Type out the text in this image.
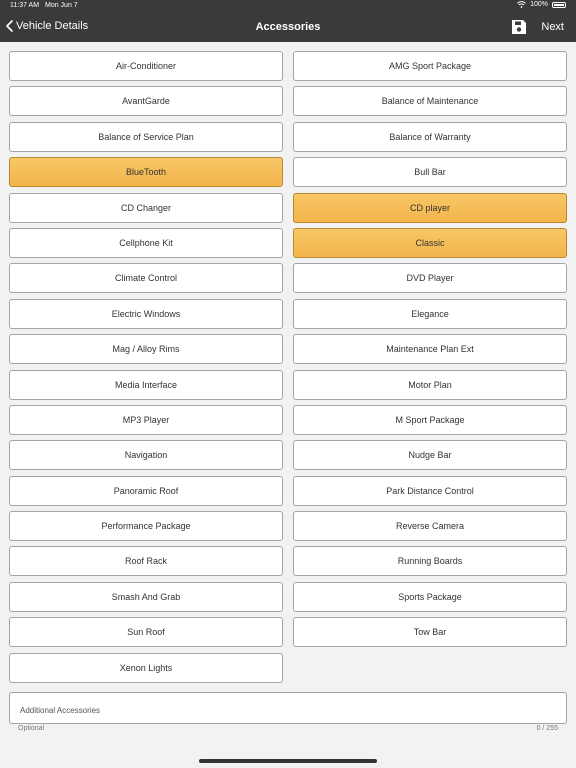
11:37 AM Mon Jun 7	100%
Vehicle Details	Accessories	Next
Air-Conditioner	AMG Sport Package
AvantGarde	Balance of Maintenance
Balance of Service Plan	Balance of Warranty
BlueTooth	Bull Bar
CD Changer	CD player
Cellphone Kit	Classic
Climate Control	DVD Player
Electric Windows	Elegance
Mag / Alloy Rims	Maintenance Plan Ext
Media Interface	Motor Plan
MP3 Player	M Sport Package
Navigation	Nudge Bar
Panoramic Roof	Park Distance Control
Performance Package	Reverse Camera
Roof Rack	Running Boards
Smash And Grab	Sports Package
Sun Roof	Tow Bar
Xenon Lights
Additional Accessories
Optional	0 / 255
